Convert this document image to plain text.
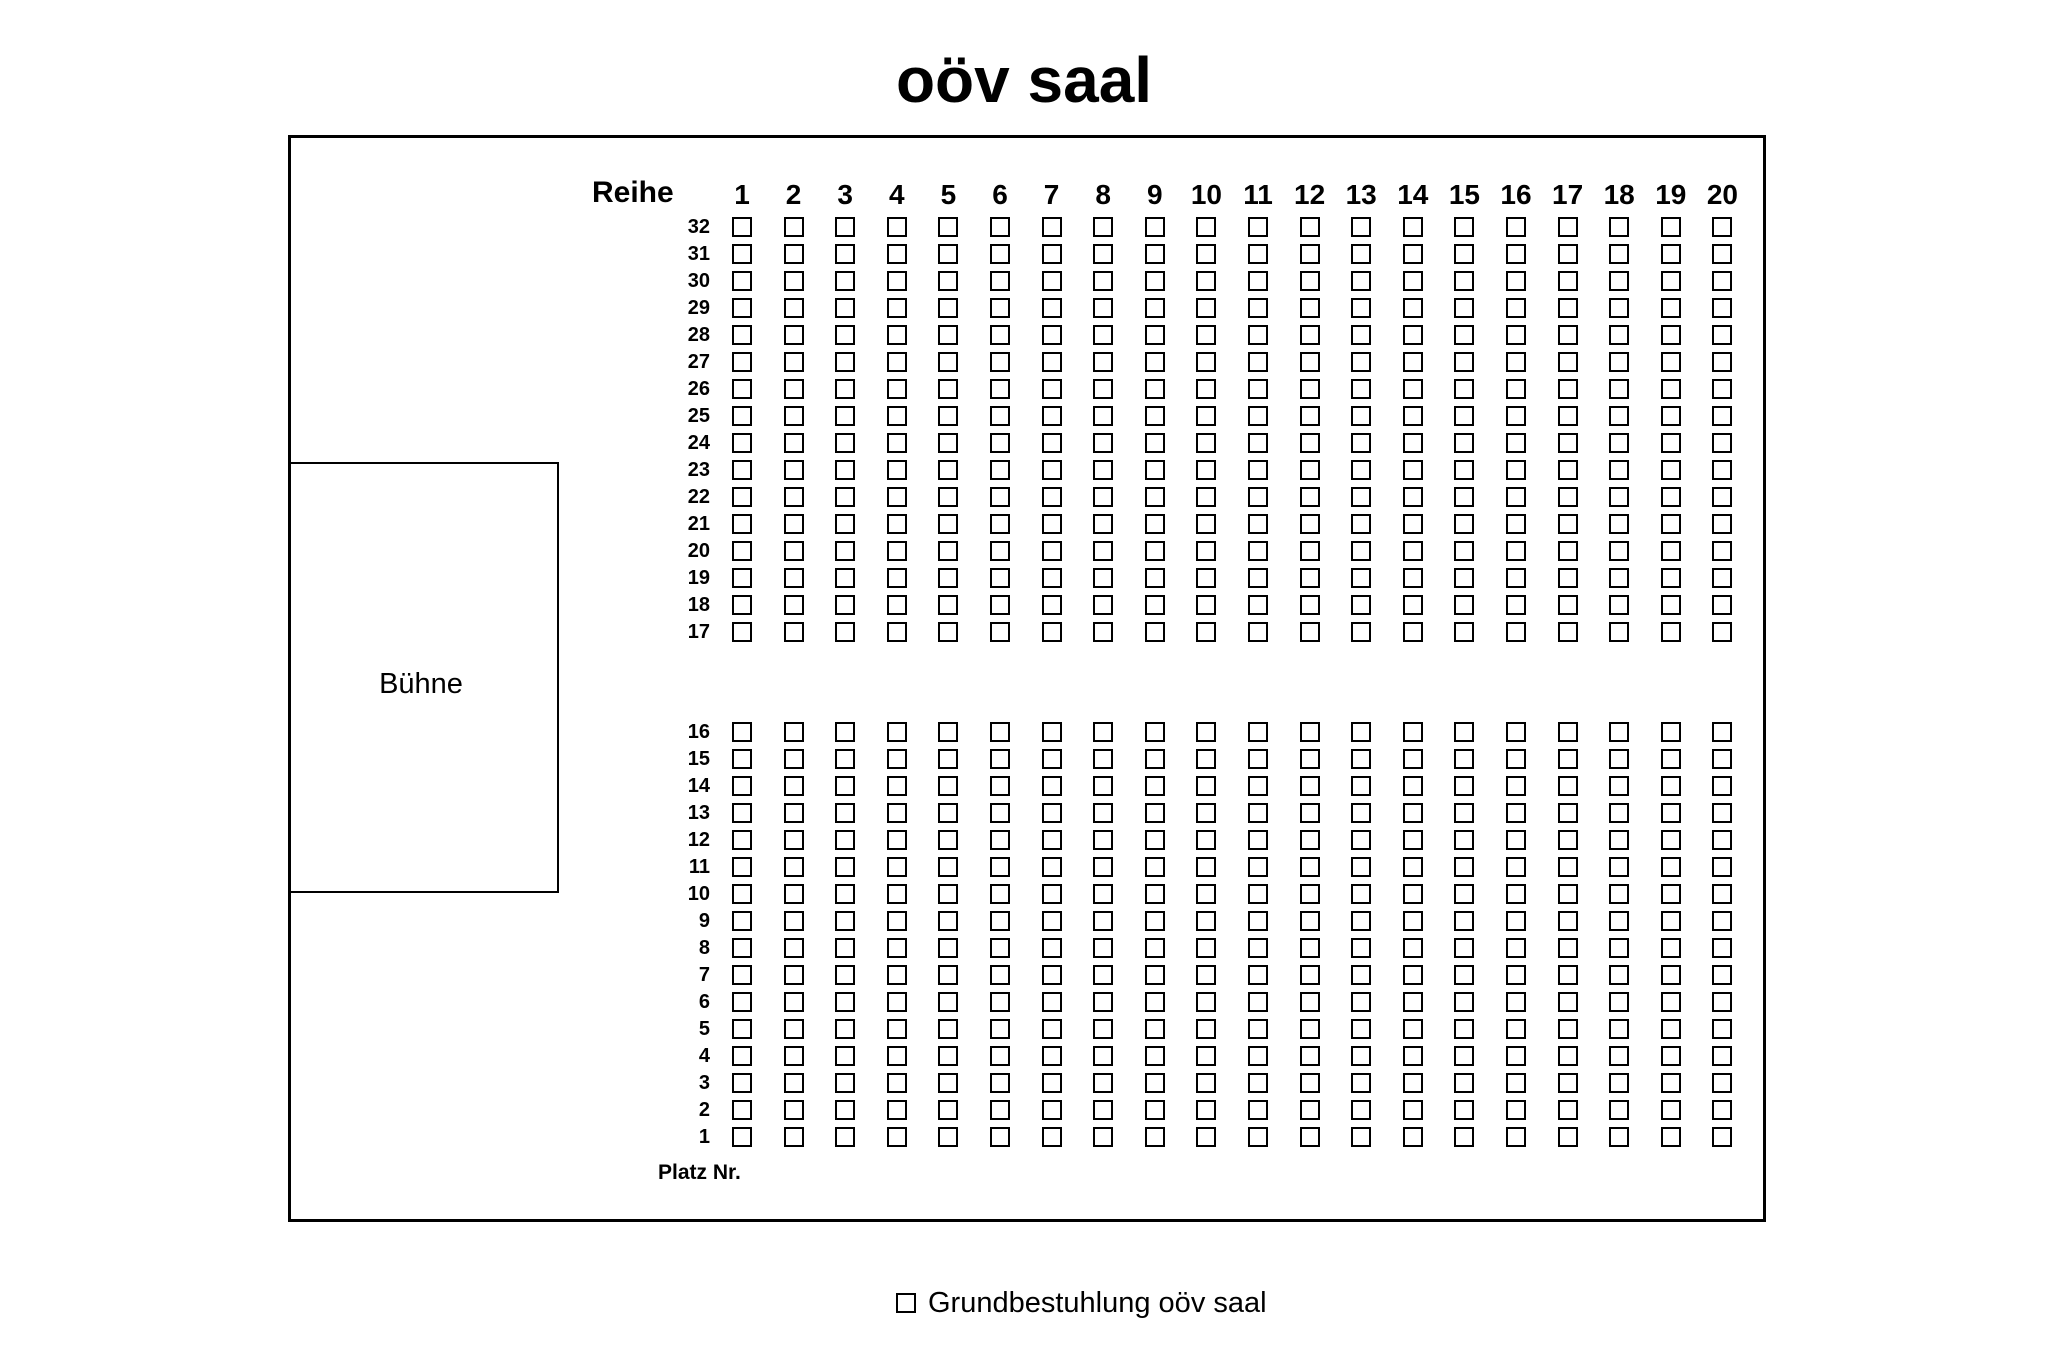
oöv saal
Bühne
Reihe	1	2	3	4	5	6	7	8	9	10 11 12 13 14 15 16 17 18 19 20
32
31
30
29
28
27
26
25
24
23
22
21
20
19
18
17
16
15
14
13
12
11
10
9
8
7
6
5
4
3
2
1
Platz Nr.
Grundbestuhlung oöv saal
